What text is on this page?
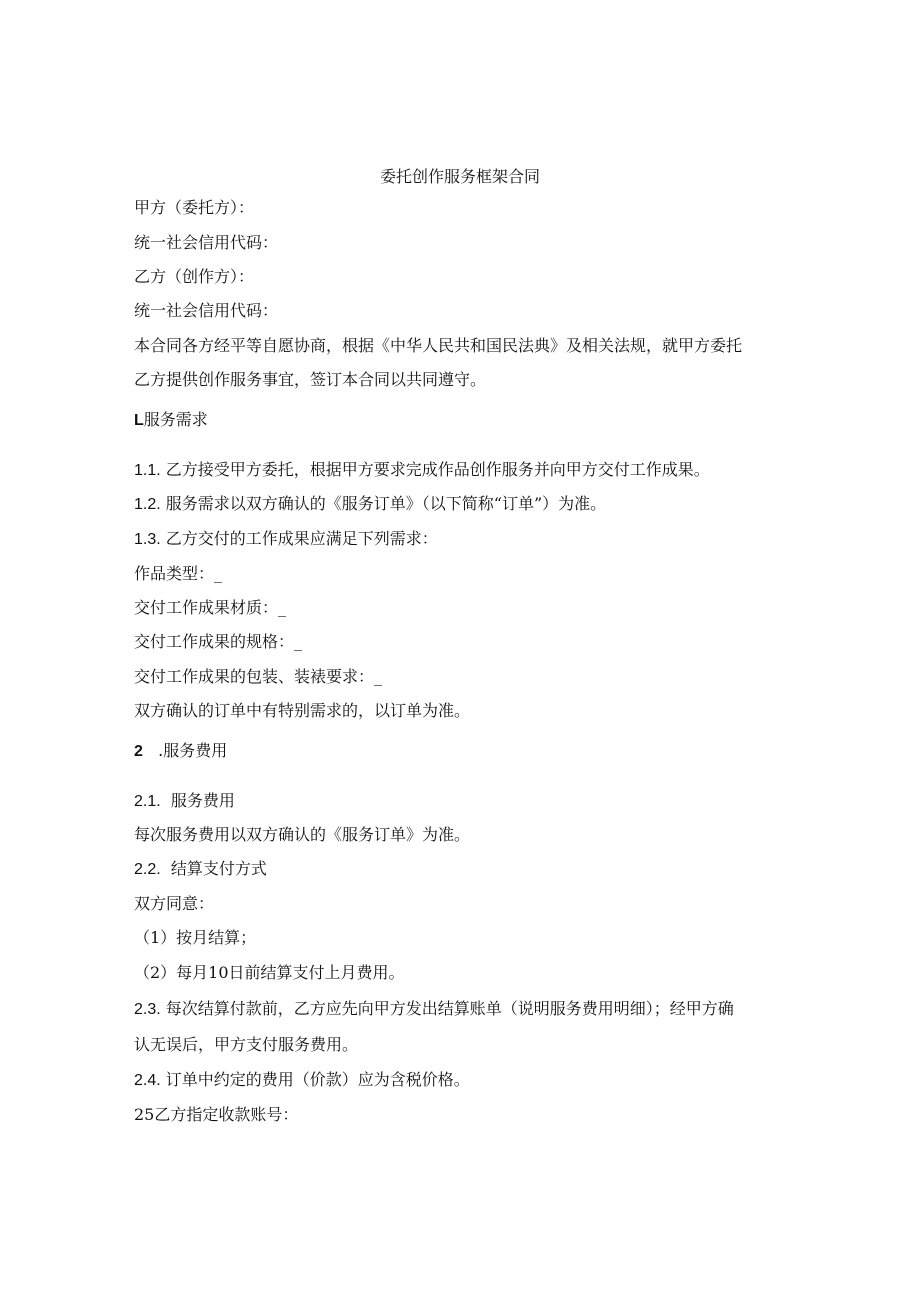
委托创作服务框架合同
甲方（委托方）：
统一社会信用代码：
乙方（创作方）：
统一社会信用代码：
本合同各方经平等自愿协商，根据《中华人民共和国民法典》及相关法规，就甲方委托
乙方提供创作服务事宜，签订本合同以共同遵守。
L服务需求
1.1. 乙方接受甲方委托，根据甲方要求完成作品创作服务并向甲方交付工作成果。
1.2. 服务需求以双方确认的《服务订单》（以下简称“订单”）为准。
1.3. 乙方交付的工作成果应满足下列需求：
作品类型：_
交付工作成果材质：_
交付工作成果的规格：_
交付工作成果的包装、装裱要求：_
双方确认的订单中有特别需求的，以订单为准。
2 .服务费用
2.1. 服务费用
每次服务费用以双方确认的《服务订单》为准。
2.2. 结算支付方式
双方同意：
（1）按月结算；
（2）每月10日前结算支付上月费用。
2.3. 每次结算付款前，乙方应先向甲方发出结算账单（说明服务费用明细）；经甲方确
认无误后，甲方支付服务费用。
2.4. 订单中约定的费用（价款）应为含税价格。
25乙方指定收款账号：
